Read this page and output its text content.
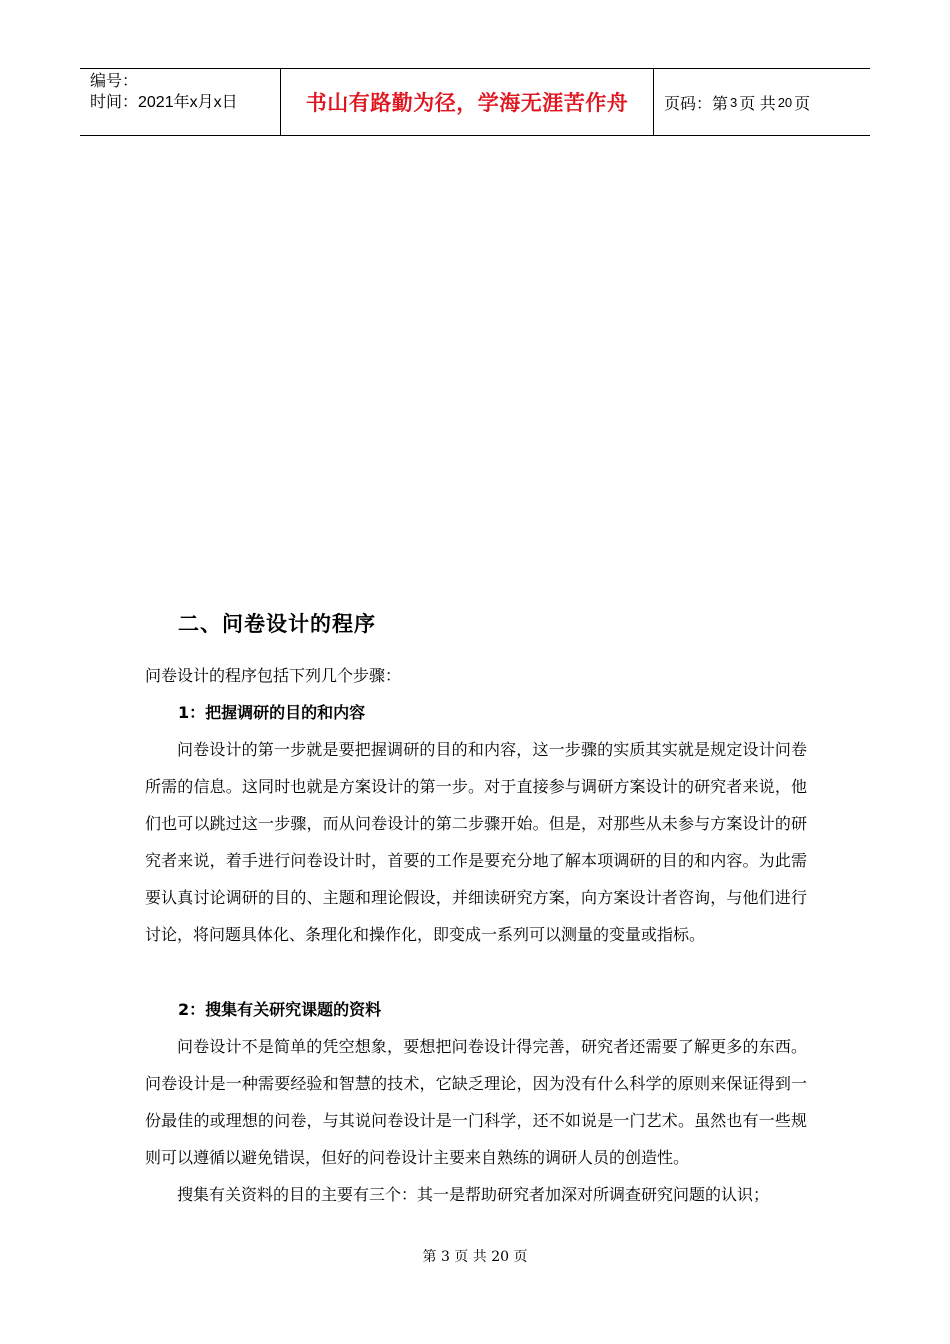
编号：
时间：2021年x月x日	书山有路勤为径，学海无涯苦作舟 页码：第 3 页 共 20 页
二、问卷设计的程序
问卷设计的程序包括下列几个步骤：
1：把握调研的目的和内容

问卷设计的第一步就是要把握调研的目的和内容，这一步骤的实质其实就是规定设计问卷所需的信息。这同时也就是方案设计的第一步。对于直接参与调研方案设计的研究者来说，他们也可以跳过这一步骤，而从问卷设计的第二步骤开始。但是，对那些从未参与方案设计的研究者来说，着手进行问卷设计时，首要的工作是要充分地了解本项调研的目的和内容。为此需要认真讨论调研的目的、主题和理论假设，并细读研究方案，向方案设计者咨询，与他们进行讨论，将问题具体化、条理化和操作化，即变成一系列可以测量的变量或指标。

2：搜集有关研究课题的资料

问卷设计不是简单的凭空想象，要想把问卷设计得完善，研究者还需要了解更多的东西。问卷设计是一种需要经验和智慧的技术，它缺乏理论，因为没有什么科学的原则来保证得到一份最佳的或理想的问卷，与其说问卷设计是一门科学，还不如说是一门艺术。虽然也有一些规则可以遵循以避免错误，但好的问卷设计主要来自熟练的调研人员的创造性。

搜集有关资料的目的主要有三个：其一是帮助研究者加深对所调查研究问题的认识；

第 3 页 共 20 页
